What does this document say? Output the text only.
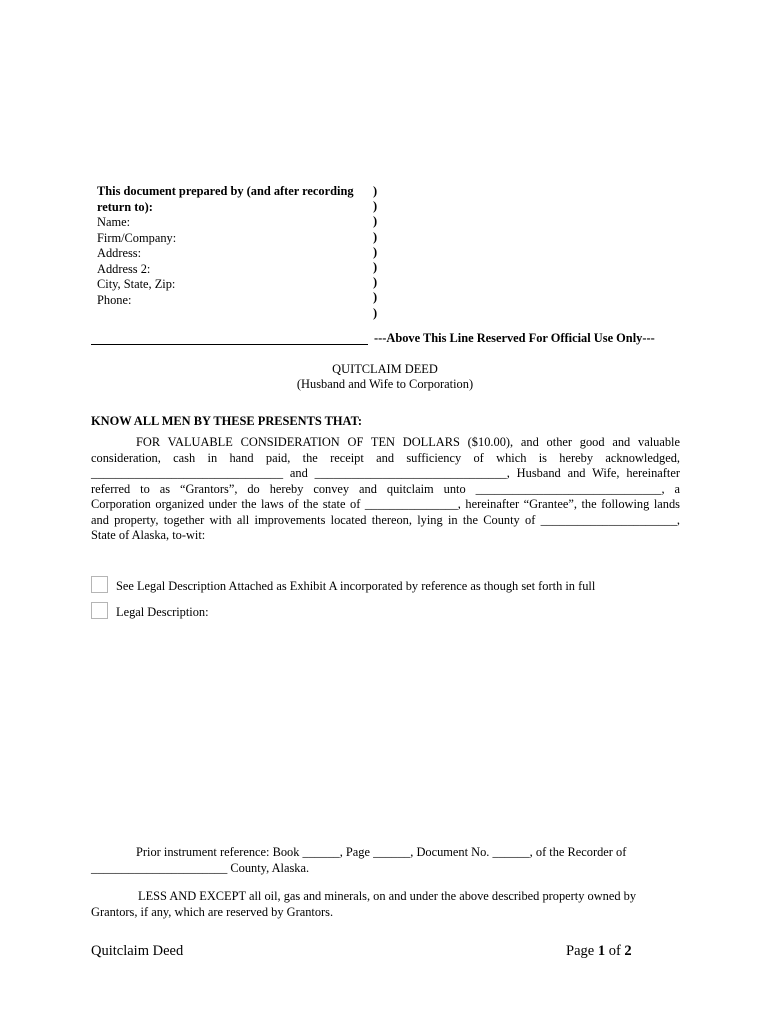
This document prepared by (and after recording
return to):
Name:
Firm/Company:
Address:
Address 2:
City, State, Zip:
Phone:
)
)
)
)
)
)
)
)
)
---Above This Line Reserved For Official Use Only---
QUITCLAIM DEED
(Husband and Wife to Corporation)
KNOW ALL MEN BY THESE PRESENTS THAT:
FOR VALUABLE CONSIDERATION OF TEN DOLLARS ($10.00), and other good and valuable
consideration, cash in hand paid, the receipt and sufficiency of which is hereby acknowledged,
_______________________________ and _______________________________, Husband and Wife, hereinafter
referred to as “Grantors”, do hereby convey and quitclaim unto ______________________________, a
Corporation organized under the laws of the state of _______________, hereinafter “Grantee”, the following lands
and property, together with all improvements located thereon, lying in the County of ______________________,
State of Alaska, to-wit:
See Legal Description Attached as Exhibit A incorporated by reference as though set forth in full
Legal Description:
Prior instrument reference: Book ______, Page ______, Document No. ______, of the Recorder of
______________________ County, Alaska.
LESS AND EXCEPT all oil, gas and minerals, on and under the above described property owned by
Grantors, if any, which are reserved by Grantors.
Quitclaim Deed	Page 1 of 2
